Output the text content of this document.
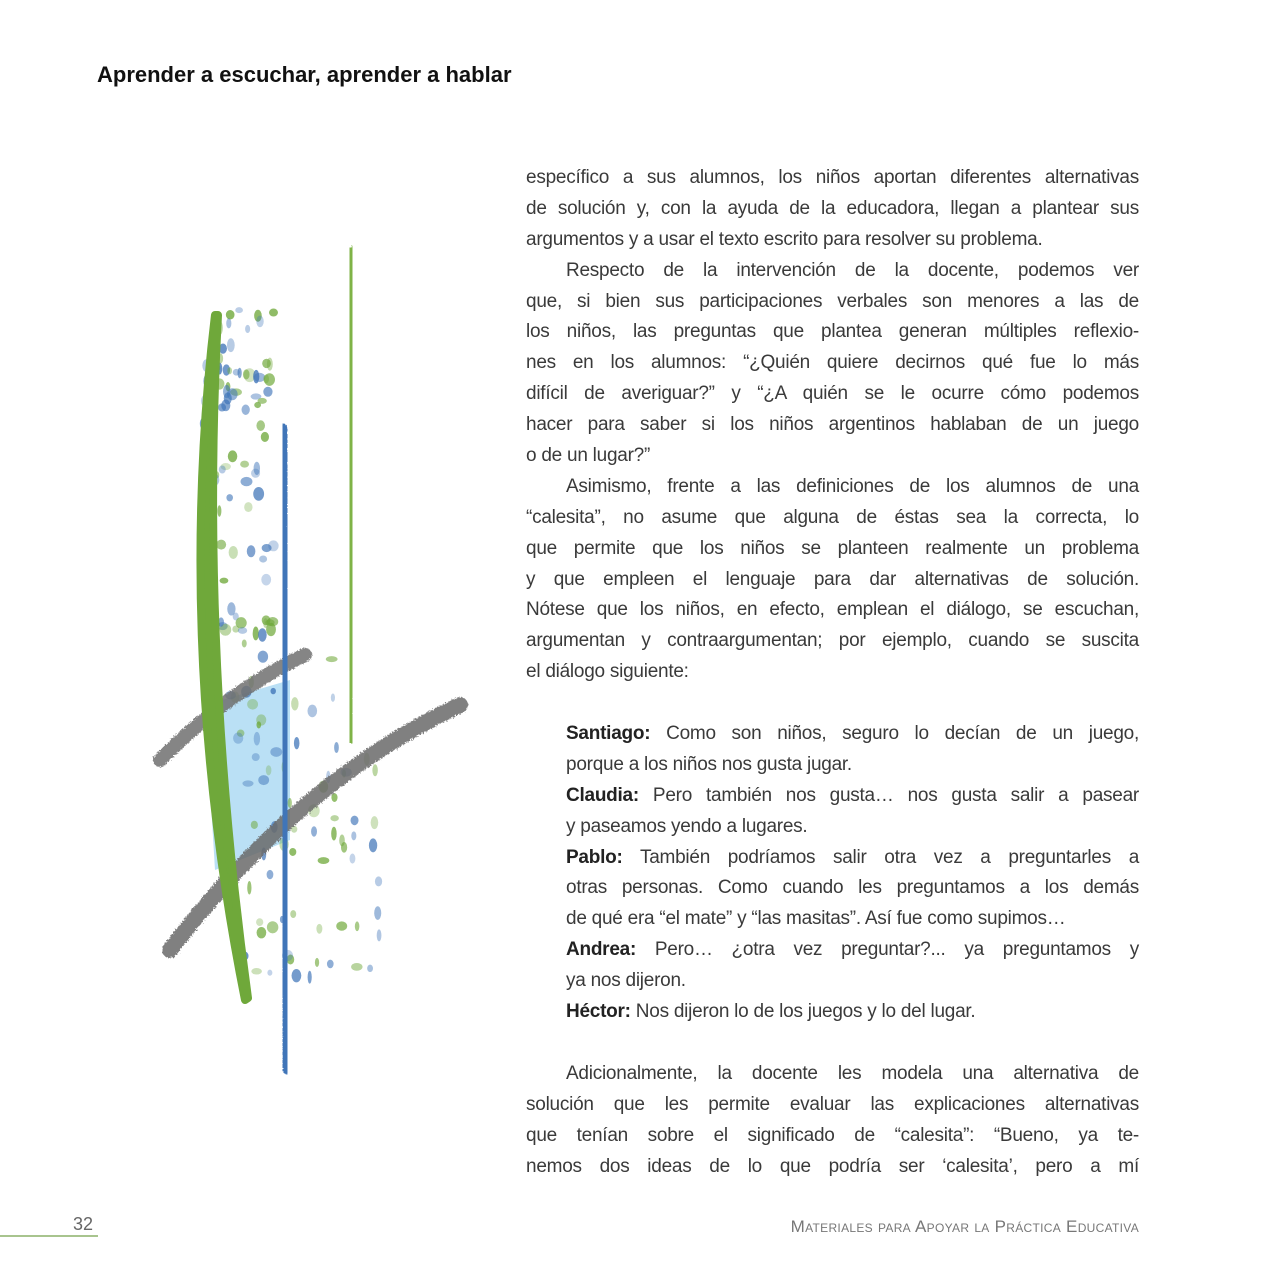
Aprender a escuchar, aprender a hablar
específico a sus alumnos, los niños aportan diferentes alternativas
de solución y, con la ayuda de la educadora, llegan a plantear sus
argumentos y a usar el texto escrito para resolver su problema.
Respecto de la intervención de la docente, podemos ver
que, si bien sus participaciones verbales son menores a las de
los niños, las preguntas que plantea generan múltiples reflexio-
nes en los alumnos: “¿Quién quiere decirnos qué fue lo más
difícil de averiguar?” y “¿A quién se le ocurre cómo podemos
hacer para saber si los niños argentinos hablaban de un juego
o de un lugar?”
Asimismo, frente a las definiciones de los alumnos de una
“calesita”, no asume que alguna de éstas sea la correcta, lo
que permite que los niños se planteen realmente un problema
y que empleen el lenguaje para dar alternativas de solución.
Nótese que los niños, en efecto, emplean el diálogo, se escuchan,
argumentan y contraargumentan; por ejemplo, cuando se suscita
el diálogo siguiente:
Santiago: Como son niños, seguro lo decían de un juego,
porque a los niños nos gusta jugar.
Claudia: Pero también nos gusta… nos gusta salir a pasear
y paseamos yendo a lugares.
Pablo: También podríamos salir otra vez a preguntarles a
otras personas. Como cuando les preguntamos a los demás
de qué era “el mate” y “las masitas”. Así fue como supimos…
Andrea: Pero… ¿otra vez preguntar?... ya preguntamos y
ya nos dijeron.
Héctor: Nos dijeron lo de los juegos y lo del lugar.
Adicionalmente, la docente les modela una alternativa de
solución que les permite evaluar las explicaciones alternativas
que tenían sobre el significado de “calesita”: “Bueno, ya te-
nemos dos ideas de lo que podría ser ‘calesita’, pero a mí
32	Materiales para Apoyar la Práctica Educativa
